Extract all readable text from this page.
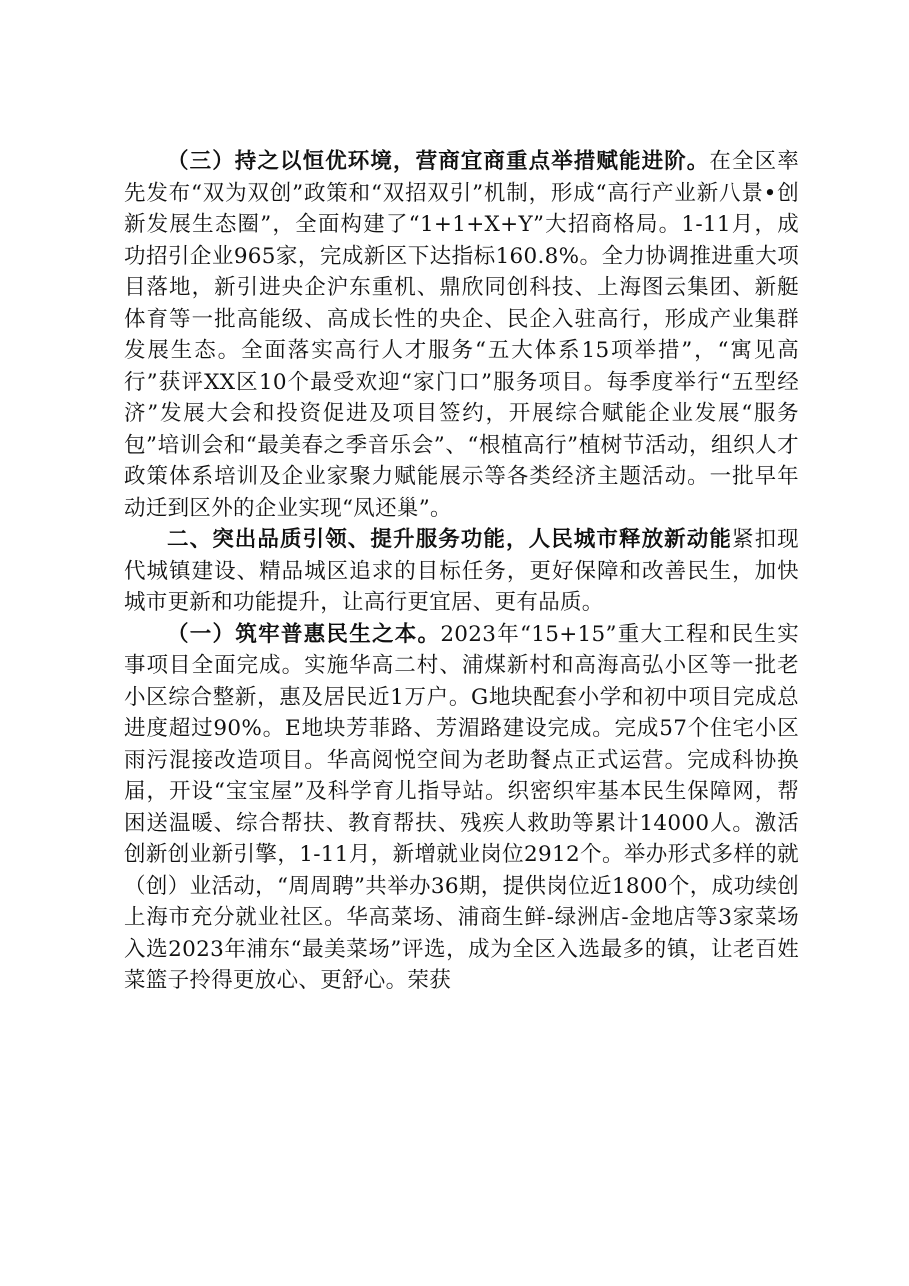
（三）持之以恒优环境，营商宜商重点举措赋能进阶。在全区率先发布“双为双创”政策和“双招双引”机制，形成“高行产业新八景•创新发展生态圈”，全面构建了“1+1+X+Y”大招商格局。1-11月，成功招引企业965家，完成新区下达指标160.8%。全力协调推进重大项目落地，新引进央企沪东重机、鼎欣同创科技、上海图云集团、新艇体育等一批高能级、高成长性的央企、民企入驻高行，形成产业集群发展生态。全面落实高行人才服务“五大体系15项举措”，“寓见高行”获评XX区10个最受欢迎“家门口”服务项目。每季度举行“五型经济”发展大会和投资促进及项目签约，开展综合赋能企业发展“服务包”培训会和“最美春之季音乐会”、“根植高行”植树节活动，组织人才政策体系培训及企业家聚力赋能展示等各类经济主题活动。一批早年动迁到区外的企业实现“凤还巢”。

二、突出品质引领、提升服务功能，人民城市释放新动能紧扣现代城镇建设、精品城区追求的目标任务，更好保障和改善民生，加快城市更新和功能提升，让高行更宜居、更有品质。

（一）筑牢普惠民生之本。2023年“15+15”重大工程和民生实事项目全面完成。实施华高二村、浦煤新村和高海高弘小区等一批老小区综合整新，惠及居民近1万户。G地块配套小学和初中项目完成总进度超过90%。E地块芳菲路、芳湄路建设完成。完成57个住宅小区雨污混接改造项目。华高阅悦空间为老助餐点正式运营。完成科协换届，开设“宝宝屋”及科学育儿指导站。织密织牢基本民生保障网，帮困送温暖、综合帮扶、教育帮扶、残疾人救助等累计14000人。激活创新创业新引擎，1-11月，新增就业岗位2912个。举办形式多样的就（创）业活动，“周周聘”共举办36期，提供岗位近1800个，成功续创上海市充分就业社区。华高菜场、浦商生鲜-绿洲店-金地店等3家菜场入选2023年浦东“最美菜场”评选，成为全区入选最多的镇，让老百姓菜篮子拎得更放心、更舒心。荣获
